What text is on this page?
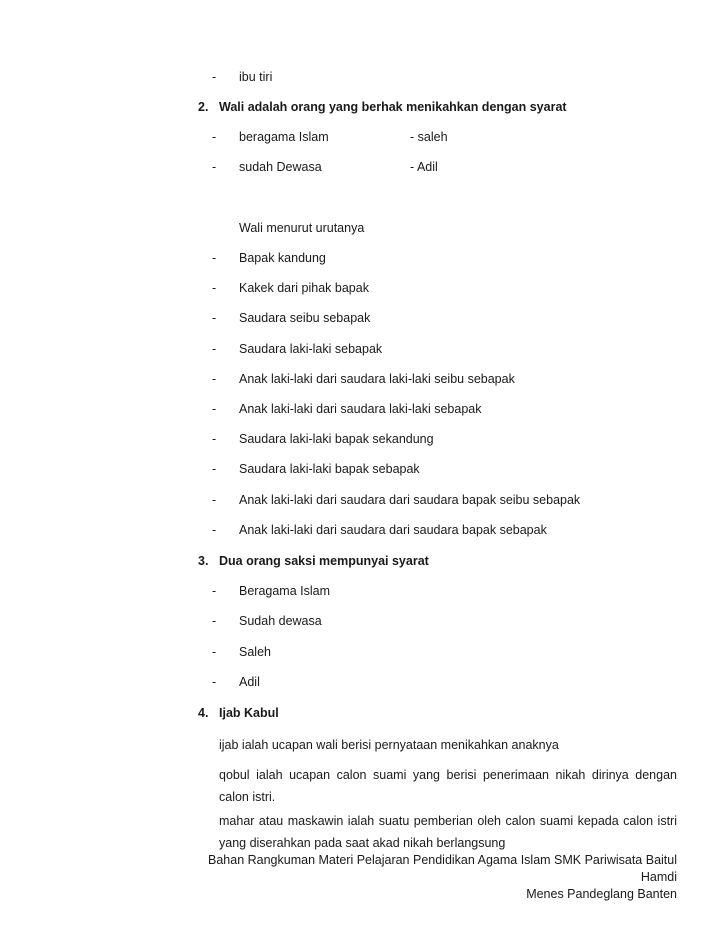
- ibu tiri
2. Wali adalah orang yang berhak menikahkan dengan syarat
- beragama Islam	- saleh
- sudah Dewasa	- Adil
Wali menurut urutanya
- Bapak kandung
- Kakek dari pihak bapak
- Saudara seibu sebapak
- Saudara laki-laki sebapak
- Anak laki-laki dari saudara laki-laki seibu sebapak
- Anak laki-laki dari saudara laki-laki sebapak
- Saudara laki-laki bapak sekandung
- Saudara laki-laki bapak sebapak
- Anak laki-laki dari saudara dari saudara bapak seibu sebapak
- Anak laki-laki dari saudara dari saudara bapak sebapak
3. Dua orang saksi mempunyai syarat
- Beragama Islam
- Sudah dewasa
- Saleh
- Adil
4. Ijab Kabul
ijab ialah ucapan wali berisi pernyataan menikahkan anaknya
qobul ialah ucapan calon suami yang berisi penerimaan nikah dirinya dengan calon istri.
mahar atau maskawin ialah suatu pemberian oleh calon suami kepada calon istri yang diserahkan pada saat akad nikah berlangsung
Bahan Rangkuman Materi Pelajaran Pendidikan Agama Islam SMK Pariwisata Baitul Hamdi
Menes Pandeglang Banten
